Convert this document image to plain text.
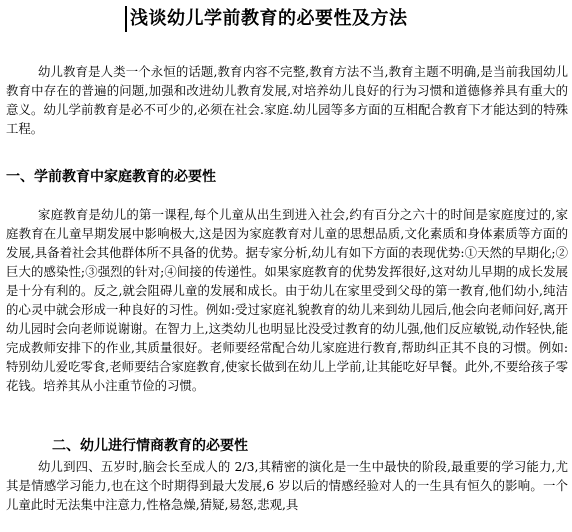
浅谈幼儿学前教育的必要性及方法

幼儿教育是人类一个永恒的话题,教育内容不完整,教育方法不当,教育主题不明确,是当前我国幼儿教育中存在的普遍的问题,加强和改进幼儿教育发展,对培养幼儿良好的行为习惯和道德修养具有重大的意义。幼儿学前教育是必不可少的,必须在社会.家庭.幼儿园等多方面的互相配合教育下才能达到的特殊工程。

一、学前教育中家庭教育的必要性

家庭教育是幼儿的第一课程,每个儿童从出生到进入社会,约有百分之六十的时间是家庭度过的,家庭教育在儿童早期发展中影响极大,这是因为家庭教育对儿童的思想品质,文化素质和身体素质等方面的发展,具备着社会其他群体所不具备的优势。据专家分析,幼儿有如下方面的表现优势:①天然的早期化;②巨大的感染性;③强烈的针对;④间接的传递性。如果家庭教育的优势发挥很好,这对幼儿早期的成长发展是十分有利的。反之,就会阻碍儿童的发展和成长。由于幼儿在家里受到父母的第一教育,他们幼小,纯洁的心灵中就会形成一种良好的习性。例如:受过家庭礼貌教育的幼儿来到幼儿园后,他会向老师问好,离开幼儿园时会向老师说谢谢。在智力上,这类幼儿也明显比没受过教育的幼儿强,他们反应敏锐,动作轻快,能完成教师安排下的作业,其质量很好。老师要经常配合幼儿家庭进行教育,帮助纠正其不良的习惯。例如:特别幼儿爱吃零食,老师要结合家庭教育,使家长做到在幼儿上学前,让其能吃好早餐。此外,不要给孩子零花钱。培养其从小注重节俭的习惯。

二、幼儿进行情商教育的必要性

幼儿到四、五岁时,脑会长至成人的 2/3,其精密的演化是一生中最快的阶段,最重要的学习能力,尤其是情感学习能力,也在这个时期得到最大发展,6 岁以后的情感经验对人的一生具有恒久的影响。一个儿童此时无法集中注意力,性格急燥,猜疑,易怒,悲观,具
